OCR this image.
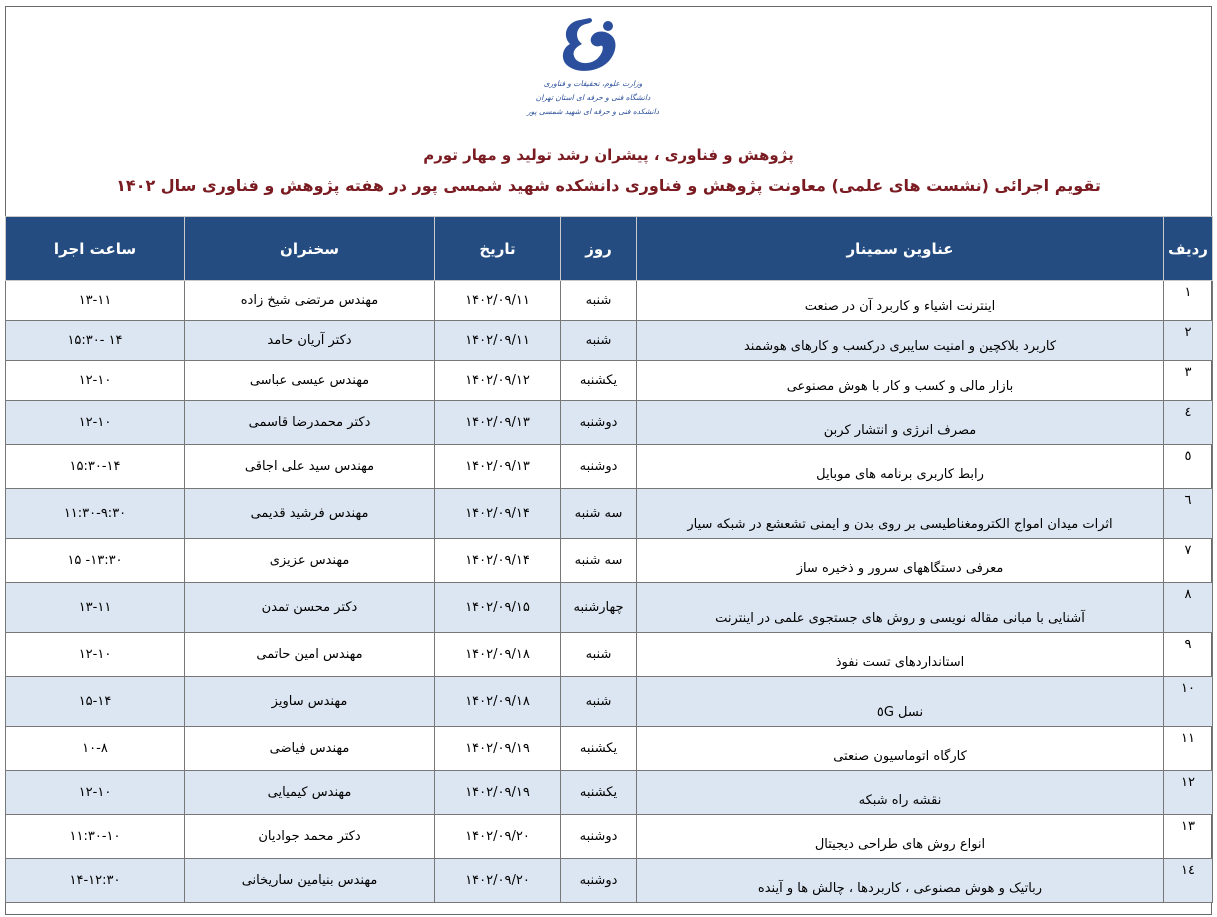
وزارت علوم، تحقیقات و فناوری
دانشگاه فنی و حرفه ای استان تهران
دانشکده فنی و حرفه ای شهید شمسی پور
پژوهش و فناوری ، پیشران رشد تولید و مهار تورم
تقویم اجرائی (نشست های علمی) معاونت پژوهش و فناوری دانشکده شهید شمسی پور در هفته پژوهش و فناوری سال ۱۴۰۲
ردیف	عناوین سمینار	روز	تاریخ	سخنران	ساعت اجرا
۱	اینترنت اشیاء و کاربرد آن در صنعت	شنبه	۱۴۰۲/۰۹/۱۱	مهندس مرتضی شیخ زاده	۱۳-۱۱
۲	کاربرد بلاکچین و امنیت سایبری درکسب و کارهای هوشمند	شنبه	۱۴۰۲/۰۹/۱۱	دکتر آریان حامد	۱۵:۳۰- ۱۴
۳	بازار مالی و کسب و کار با هوش مصنوعی	یکشنبه	۱۴۰۲/۰۹/۱۲	مهندس عیسی عباسی	۱۲-۱۰
٤	مصرف انرژی و انتشار کربن	دوشنبه	۱۴۰۲/۰۹/۱۳	دکتر محمدرضا قاسمی	۱۲-۱۰
٥	رابط کاربری برنامه های موبایل	دوشنبه	۱۴۰۲/۰۹/۱۳	مهندس سید علی اجاقی	۱۵:۳۰-۱۴
٦	اثرات میدان امواج الکترومغناطیسی بر روی بدن و ایمنی تشعشع در شبکه سیار	سه شنبه	۱۴۰۲/۰۹/۱۴	مهندس فرشید قدیمی	۱۱:۳۰-۹:۳۰
۷	معرفی دستگاههای سرور و ذخیره ساز	سه شنبه	۱۴۰۲/۰۹/۱۴	مهندس عزیزی	۱۵ -۱۳:۳۰
۸	آشنایی با مبانی مقاله نویسی و روش های جستجوی علمی در اینترنت	چهارشنبه	۱۴۰۲/۰۹/۱۵	دکتر محسن تمدن	۱۳-۱۱
۹	استانداردهای تست نفوذ	شنبه	۱۴۰۲/۰۹/۱۸	مهندس امین حاتمی	۱۲-۱۰
۱۰	نسل ٥G	شنبه	۱۴۰۲/۰۹/۱۸	مهندس ساویز	۱۵-۱۴
۱۱	کارگاه اتوماسیون صنعتی	یکشنبه	۱۴۰۲/۰۹/۱۹	مهندس فیاضی	۱۰-۸
۱۲	نقشه راه شبکه	یکشنبه	۱۴۰۲/۰۹/۱۹	مهندس کیمیایی	۱۲-۱۰
۱۳	انواع روش های طراحی دیجیتال	دوشنبه	۱۴۰۲/۰۹/۲۰	دکتر محمد جوادیان	۱۱:۳۰-۱۰
۱٤	رباتیک و هوش مصنوعی ، کاربردها ، چالش ها و آینده	دوشنبه	۱۴۰۲/۰۹/۲۰	مهندس بنیامین ساریخانی	۱۴-۱۲:۳۰
